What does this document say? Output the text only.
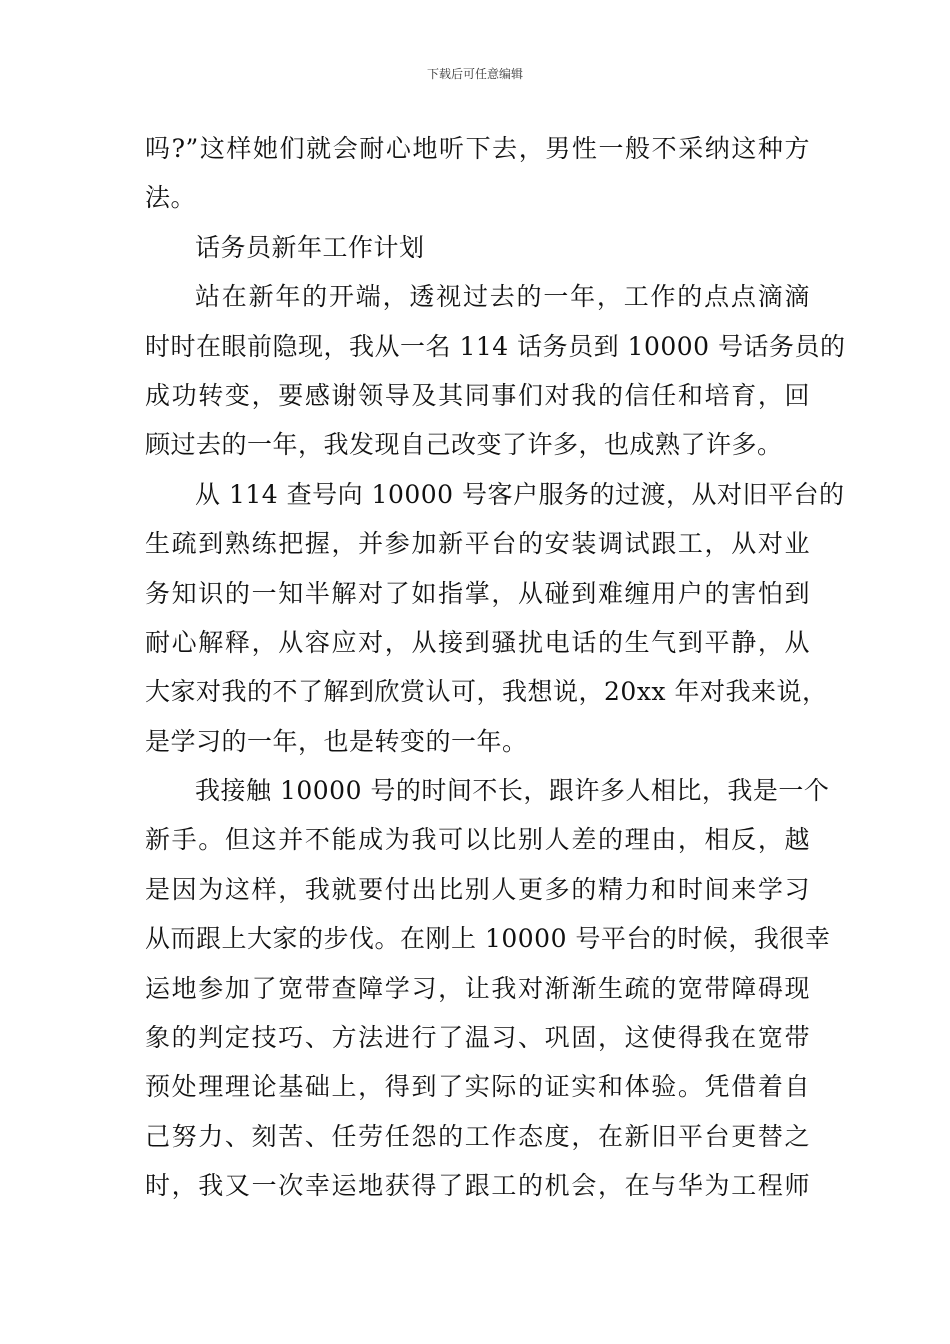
下载后可任意编辑
吗?”这样她们就会耐心地听下去，男性一般不采纳这种方
法。
话务员新年工作计划
站在新年的开端，透视过去的一年，工作的点点滴滴
时时在眼前隐现，我从一名 114 话务员到 10000 号话务员的
成功转变，要感谢领导及其同事们对我的信任和培育，回
顾过去的一年，我发现自己改变了许多，也成熟了许多。
从 114 查号向 10000 号客户服务的过渡，从对旧平台的
生疏到熟练把握，并参加新平台的安装调试跟工，从对业
务知识的一知半解对了如指掌，从碰到难缠用户的害怕到
耐心解释，从容应对，从接到骚扰电话的生气到平静，从
大家对我的不了解到欣赏认可，我想说，20xx 年对我来说，
是学习的一年，也是转变的一年。
我接触 10000 号的时间不长，跟许多人相比，我是一个
新手。但这并不能成为我可以比别人差的理由，相反，越
是因为这样，我就要付出比别人更多的精力和时间来学习
从而跟上大家的步伐。在刚上 10000 号平台的时候，我很幸
运地参加了宽带查障学习，让我对渐渐生疏的宽带障碍现
象的判定技巧、方法进行了温习、巩固，这使得我在宽带
预处理理论基础上，得到了实际的证实和体验。凭借着自
己努力、刻苦、任劳任怨的工作态度，在新旧平台更替之
时，我又一次幸运地获得了跟工的机会，在与华为工程师
